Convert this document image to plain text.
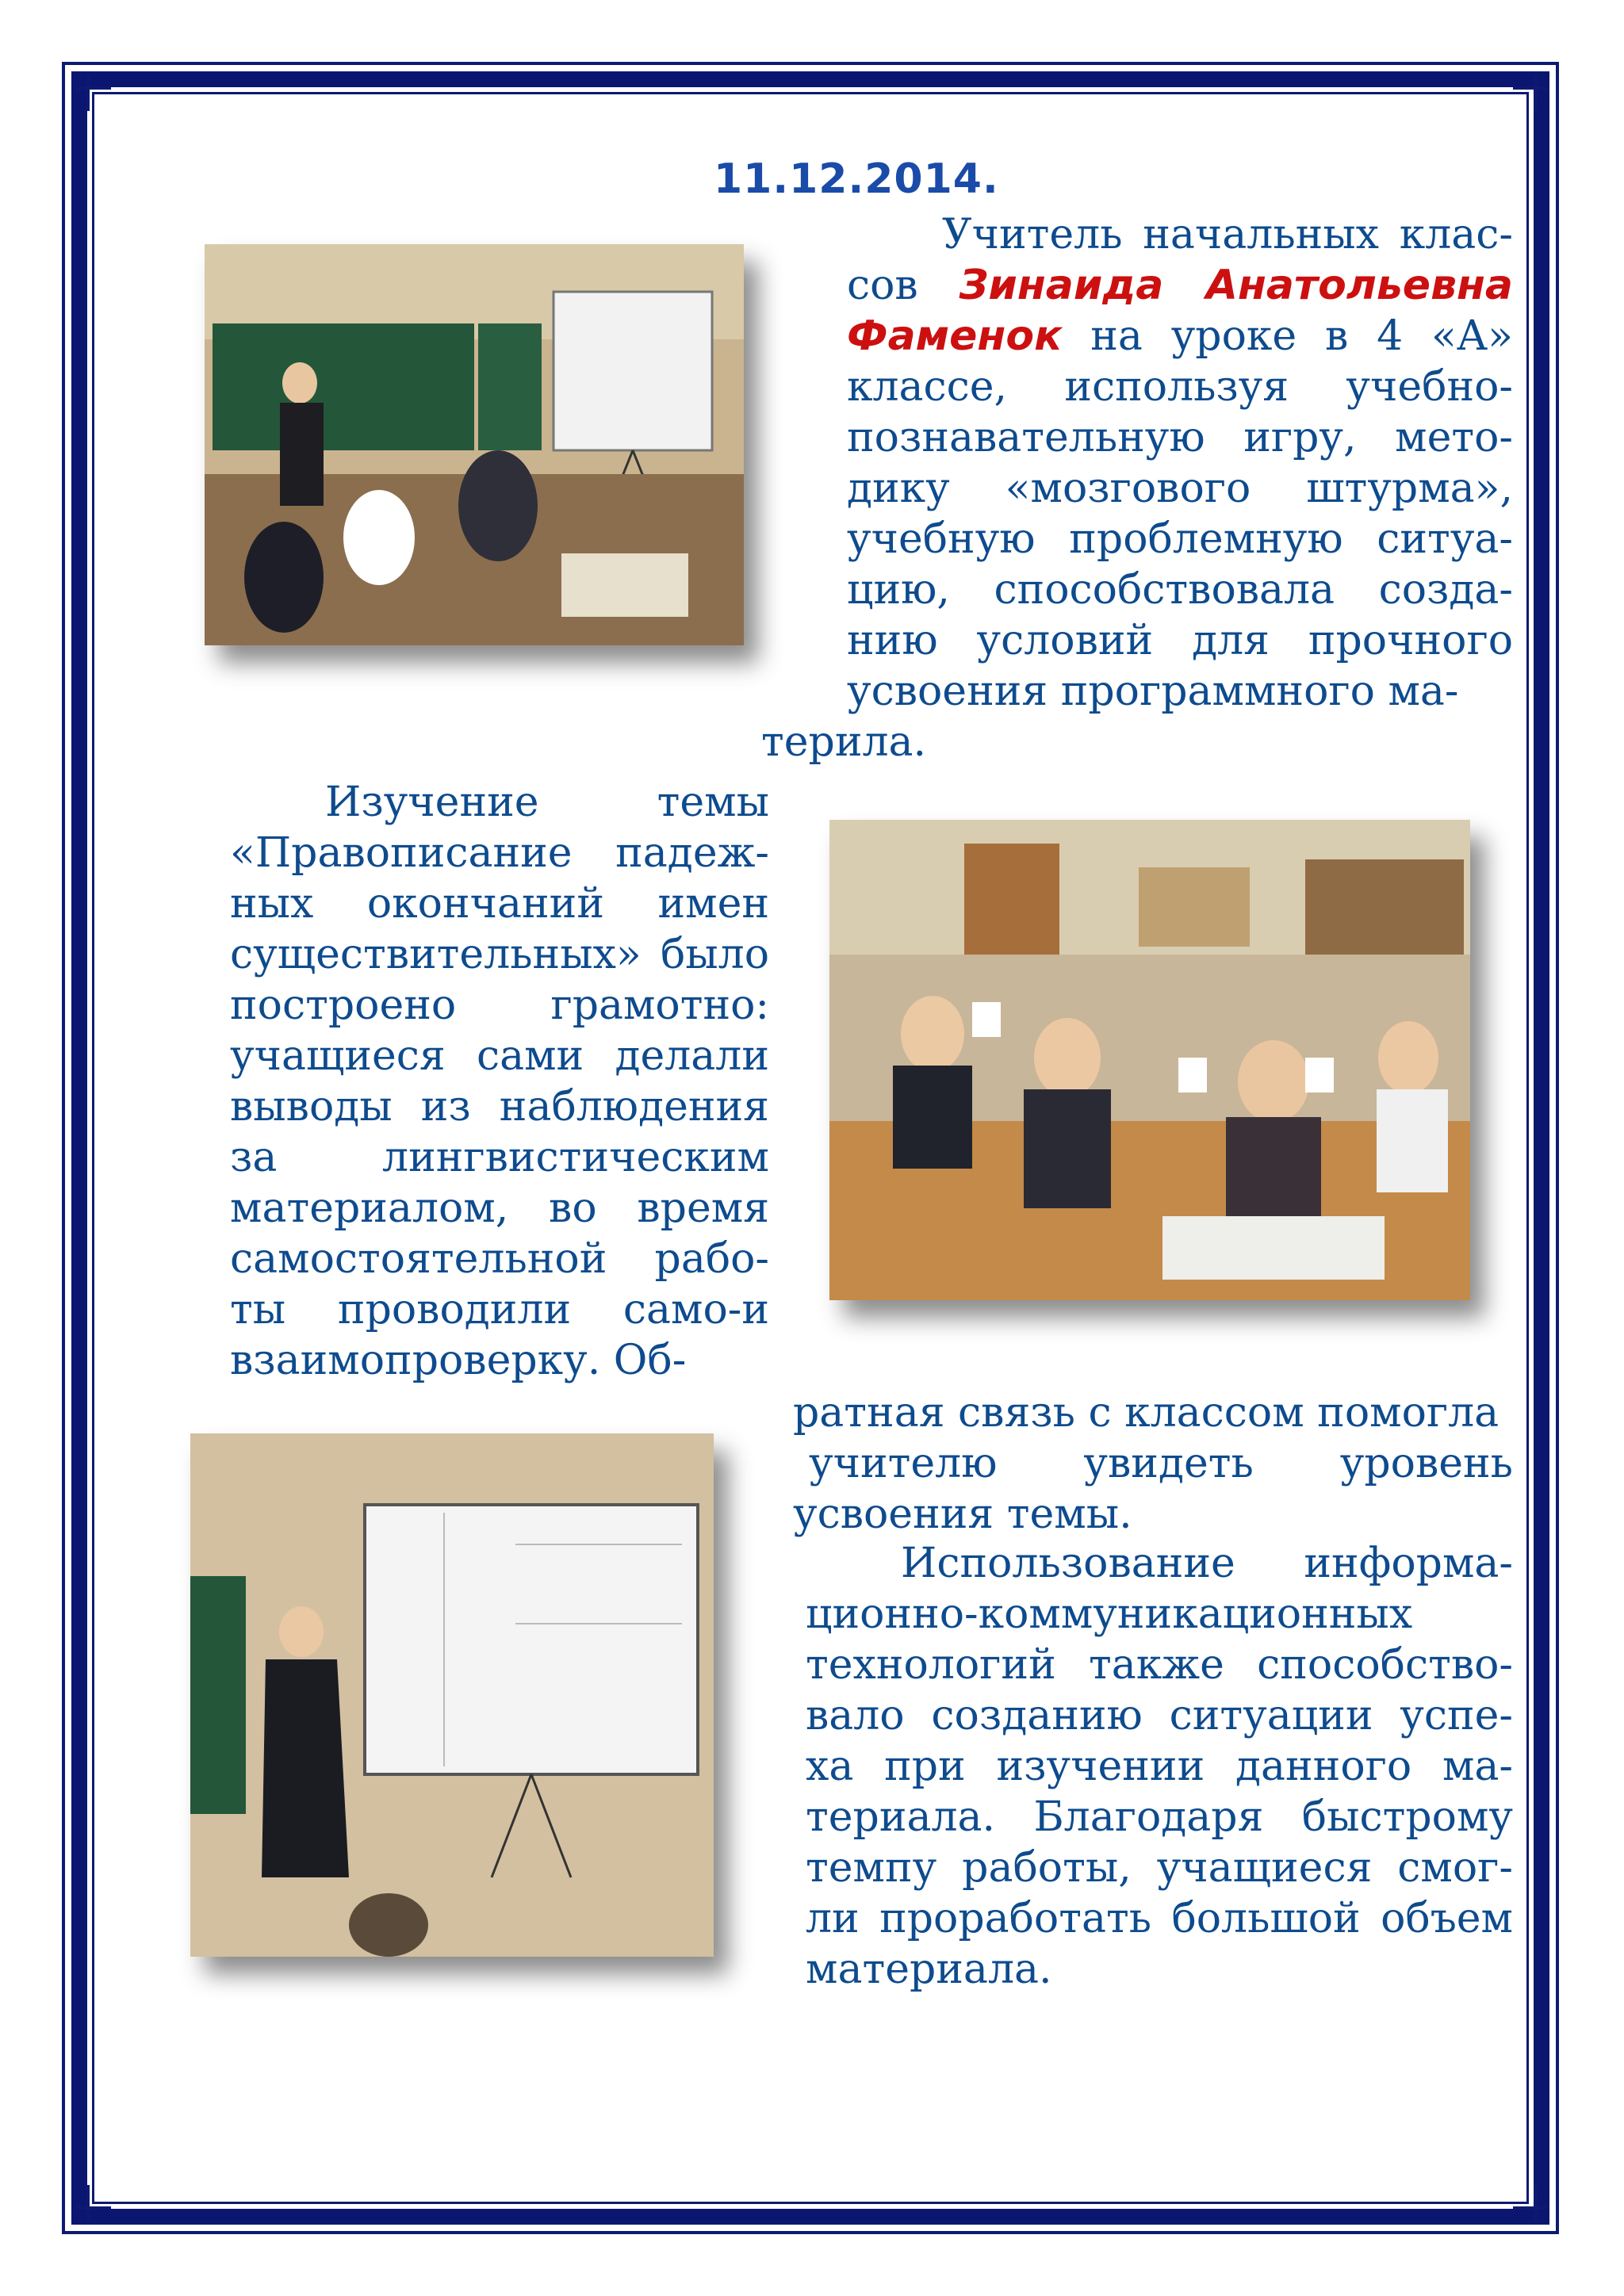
11.12.2014.

Учитель начальных клас-сов Зинаида Анатольевна Фаменок на уроке в 4 «А» классе, используя учебно-познавательную игру, мето-дику «мозгового штурма», учебную проблемную ситуа-цию, способствовала созда-нию условий для прочного усвоения программного ма-

терила.

Изучение темы «Правописание падеж-ных окончаний имен существительных» было построено грамотно: учащиеся сами делали выводы из наблюдения за лингвистическим материалом, во время самостоятельной рабо-ты проводили само-и взаимопроверку. Об-

ратная связь с классом помогла
учителю увидеть уровень усвоения темы.

Использование информа-ционно-коммуникационных технологий также способство-вало созданию ситуации успе-ха при изучении данного ма-териала. Благодаря быстрому темпу работы, учащиеся смог-ли проработать большой объем материала.
